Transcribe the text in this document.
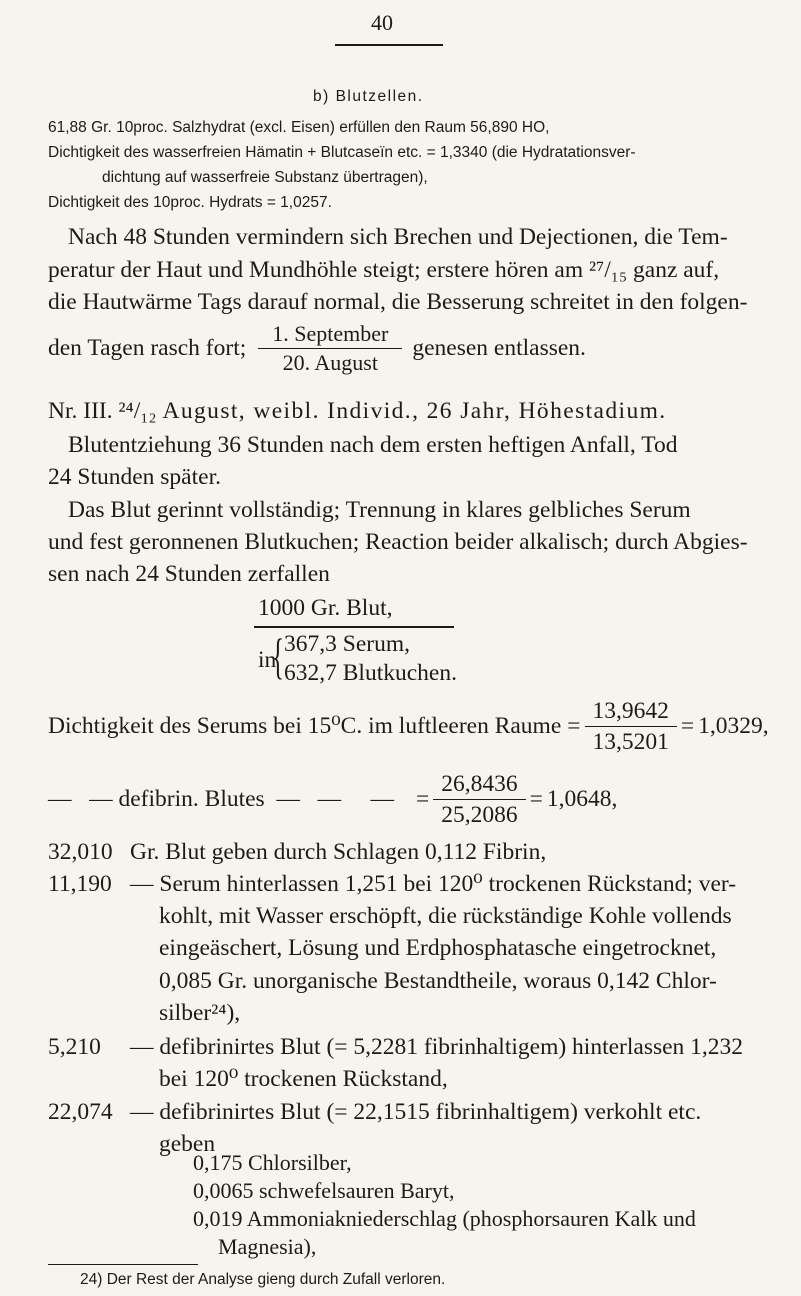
40
b) Blutzellen.
61,88 Gr. 10proc. Salzhydrat (excl. Eisen) erfüllen den Raum 56,890 HO,
Dichtigkeit des wasserfreien Hämatin + Blutcaseïn etc. = 1,3340 (die Hydratationsver-
dichtung auf wasserfreie Substanz übertragen),
Dichtigkeit des 10proc. Hydrats = 1,0257.
Nach 48 Stunden vermindern sich Brechen und Dejectionen, die Tem-
peratur der Haut und Mundhöhle steigt; erstere hören am ²⁷/₁₅ ganz auf,
die Hautwärme Tags darauf normal, die Besserung schreitet in den folgen-
den Tagen rasch fort; $\frac{\text{1. September}}{\text{20. August}}$ genesen entlassen.
Nr. III. ²⁴/₁₂ August, weibl. Individ., 26 Jahr, Höhestadium.
Blutentziehung 36 Stunden nach dem ersten heftigen Anfall, Tod
24 Stunden später.
Das Blut gerinnt vollständig; Trennung in klares gelbliches Serum
und fest geronnenen Blutkuchen; Reaction beider alkalisch; durch Abgies-
sen nach 24 Stunden zerfallen
1000 Gr. Blut,
in
{ 367,3 Serum,
632,7 Blutkuchen.
Dichtigkeit des Serums bei 15⁰C. im luftleeren Raume = $\frac{13,9642}{13,5201} = 1,0329$,
—   — defibrin. Blutes  —   —     — = $\frac{26,8436}{25,2086} = 1,0648$,
32,010 Gr. Blut geben durch Schlagen 0,112 Fibrin,
11,190 — Serum hinterlassen 1,251 bei 120⁰ trockenen Rückstand; ver-
kohlt, mit Wasser erschöpft, die rückständige Kohle vollends
eingeäschert, Lösung und Erdphosphatasche eingetrocknet,
0,085 Gr. unorganische Bestandtheile, woraus 0,142 Chlor-
silber²⁴),
5,210 — defibrinirtes Blut (= 5,2281 fibrinhaltigem) hinterlassen 1,232
bei 120⁰ trockenen Rückstand,
22,074 — defibrinirtes Blut (= 22,1515 fibrinhaltigem) verkohlt etc.
geben
0,175 Chlorsilber,
0,0065 schwefelsauren Baryt,
0,019 Ammoniakniederschlag (phosphorsauren Kalk und
Magnesia),
24) Der Rest der Analyse gieng durch Zufall verloren.
